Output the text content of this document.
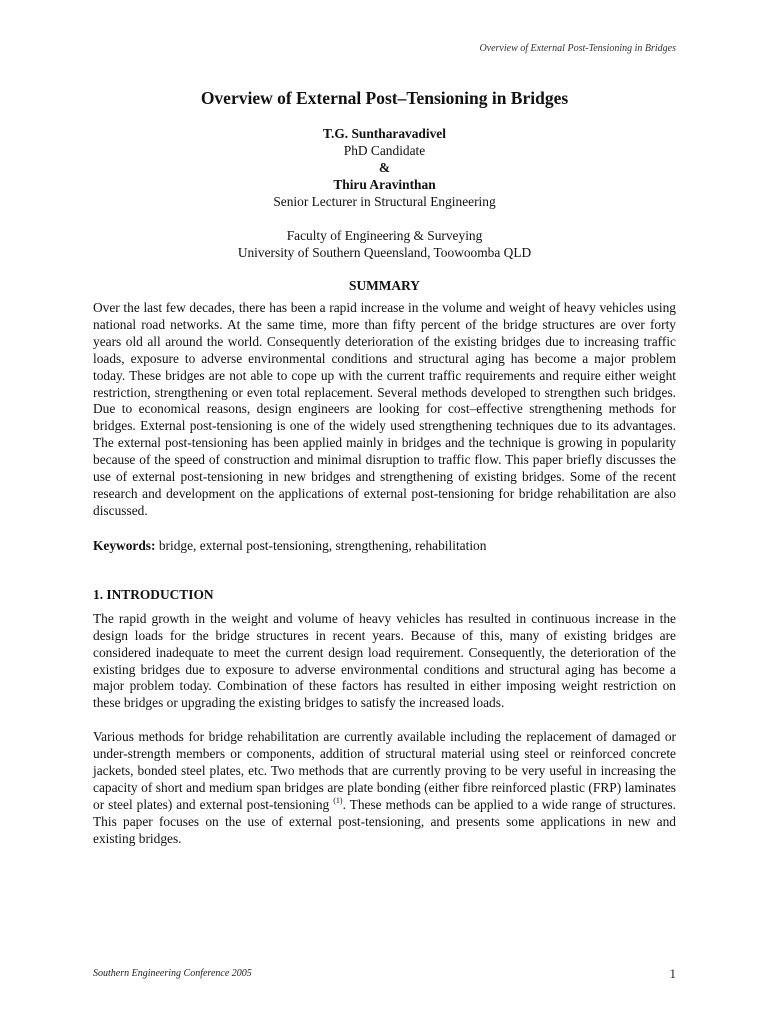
Overview of External Post-Tensioning in Bridges
Overview of External Post–Tensioning in Bridges
T.G. Suntharavadivel
PhD Candidate
&
Thiru Aravinthan
Senior Lecturer in Structural Engineering
Faculty of Engineering & Surveying
University of Southern Queensland, Toowoomba QLD
SUMMARY

Over the last few decades, there has been a rapid increase in the volume and weight of heavy vehicles using national road networks. At the same time, more than fifty percent of the bridge structures are over forty years old all around the world. Consequently deterioration of the existing bridges due to increasing traffic loads, exposure to adverse environmental conditions and structural aging has become a major problem today. These bridges are not able to cope up with the current traffic requirements and require either weight restriction, strengthening or even total replacement. Several methods developed to strengthen such bridges. Due to economical reasons, design engineers are looking for cost–effective strengthening methods for bridges. External post-tensioning is one of the widely used strengthening techniques due to its advantages. The external post-tensioning has been applied mainly in bridges and the technique is growing in popularity because of the speed of construction and minimal disruption to traffic flow. This paper briefly discusses the use of external post-tensioning in new bridges and strengthening of existing bridges. Some of the recent research and development on the applications of external post-tensioning for bridge rehabilitation are also discussed.

Keywords: bridge, external post-tensioning, strengthening, rehabilitation

1. INTRODUCTION

The rapid growth in the weight and volume of heavy vehicles has resulted in continuous increase in the design loads for the bridge structures in recent years. Because of this, many of existing bridges are considered inadequate to meet the current design load requirement. Consequently, the deterioration of the existing bridges due to exposure to adverse environmental conditions and structural aging has become a major problem today. Combination of these factors has resulted in either imposing weight restriction on these bridges or upgrading the existing bridges to satisfy the increased loads.

Various methods for bridge rehabilitation are currently available including the replacement of damaged or under-strength members or components, addition of structural material using steel or reinforced concrete jackets, bonded steel plates, etc. Two methods that are currently proving to be very useful in increasing the capacity of short and medium span bridges are plate bonding (either fibre reinforced plastic (FRP) laminates or steel plates) and external post-tensioning $^{(1)}$. These methods can be applied to a wide range of structures. This paper focuses on the use of external post-tensioning, and presents some applications in new and existing bridges.

Southern Engineering Conference 2005	1
